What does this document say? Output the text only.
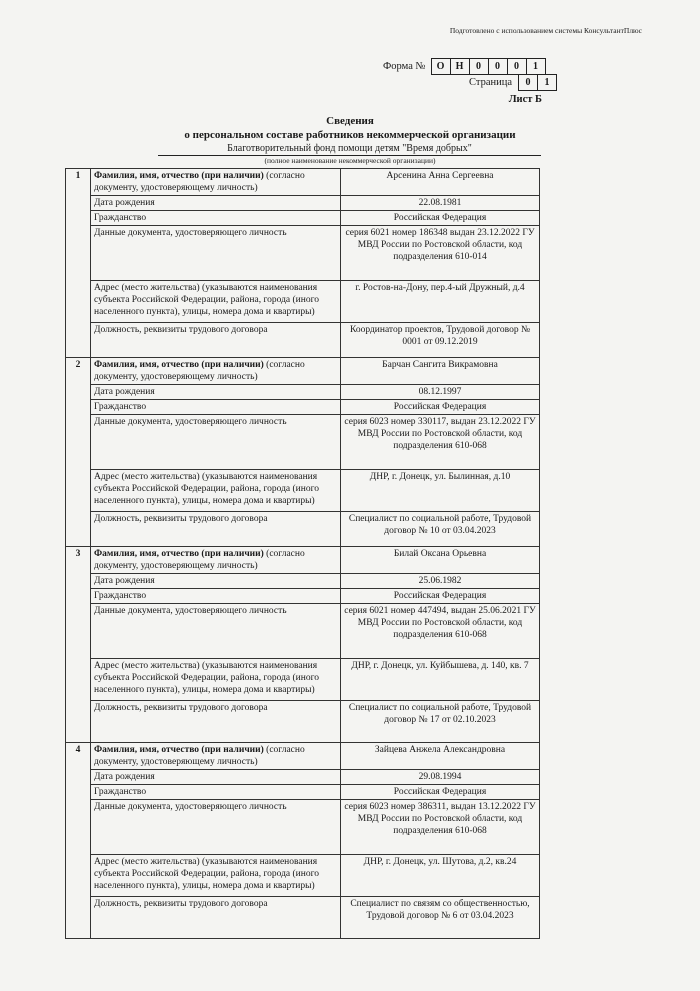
Подготовлено с использованием системы КонсультантПлюс
Форма №	О	Н	0	0	0	1
Страница	0	1
Лист Б
Сведения
о персональном составе работников некоммерческой организации
Благотворительный фонд помощи детям "Время добрых"
(полное наименование некоммерческой организации)
1	Фамилия, имя, отчество (при наличии) (согласно документу, удостоверяющему личность)	Арсенина Анна Сергеевна
	Дата рождения	22.08.1981
	Гражданство	Российская Федерация
	Данные документа, удостоверяющего личность	серия 6021 номер 186348 выдан 23.12.2022 ГУ МВД России по Ростовской области, код подразделения 610-014
	Адрес (место жительства) (указываются наименования субъекта Российской Федерации, района, города (иного населенного пункта), улицы, номера дома и квартиры)	г. Ростов-на-Дону, пер.4-ый Дружный, д.4
	Должность, реквизиты трудового договора	Координатор проектов, Трудовой договор № 0001 от 09.12.2019
2	Фамилия, имя, отчество (при наличии) (согласно документу, удостоверяющему личность)	Барчан Сангита Викрамовна
	Дата рождения	08.12.1997
	Гражданство	Российская Федерация
	Данные документа, удостоверяющего личность	серия 6023 номер 330117, выдан 23.12.2022 ГУ МВД России по Ростовской области, код подразделения 610-068
	Адрес (место жительства) (указываются наименования субъекта Российской Федерации, района, города (иного населенного пункта), улицы, номера дома и квартиры)	ДНР, г. Донецк, ул. Былинная, д.10
	Должность, реквизиты трудового договора	Специалист по социальной работе, Трудовой договор № 10 от 03.04.2023
3	Фамилия, имя, отчество (при наличии) (согласно документу, удостоверяющему личность)	Билай Оксана Орьевна
	Дата рождения	25.06.1982
	Гражданство	Российская Федерация
	Данные документа, удостоверяющего личность	серия 6021 номер 447494, выдан 25.06.2021 ГУ МВД России по Ростовской области, код подразделения 610-068
	Адрес (место жительства) (указываются наименования субъекта Российской Федерации, района, города (иного населенного пункта), улицы, номера дома и квартиры)	ДНР, г. Донецк, ул. Куйбышева, д. 140, кв. 7
	Должность, реквизиты трудового договора	Специалист по социальной работе, Трудовой договор № 17 от 02.10.2023
4	Фамилия, имя, отчество (при наличии) (согласно документу, удостоверяющему личность)	Зайцева Анжела Александровна
	Дата рождения	29.08.1994
	Гражданство	Российская Федерация
	Данные документа, удостоверяющего личность	серия 6023 номер 386311, выдан 13.12.2022 ГУ МВД России по Ростовской области, код подразделения 610-068
	Адрес (место жительства) (указываются наименования субъекта Российской Федерации, района, города (иного населенного пункта), улицы, номера дома и квартиры)	ДНР, г. Донецк, ул. Шутова, д.2, кв.24
	Должность, реквизиты трудового договора	Специалист по связям со общественностью, Трудовой договор № 6 от 03.04.2023
